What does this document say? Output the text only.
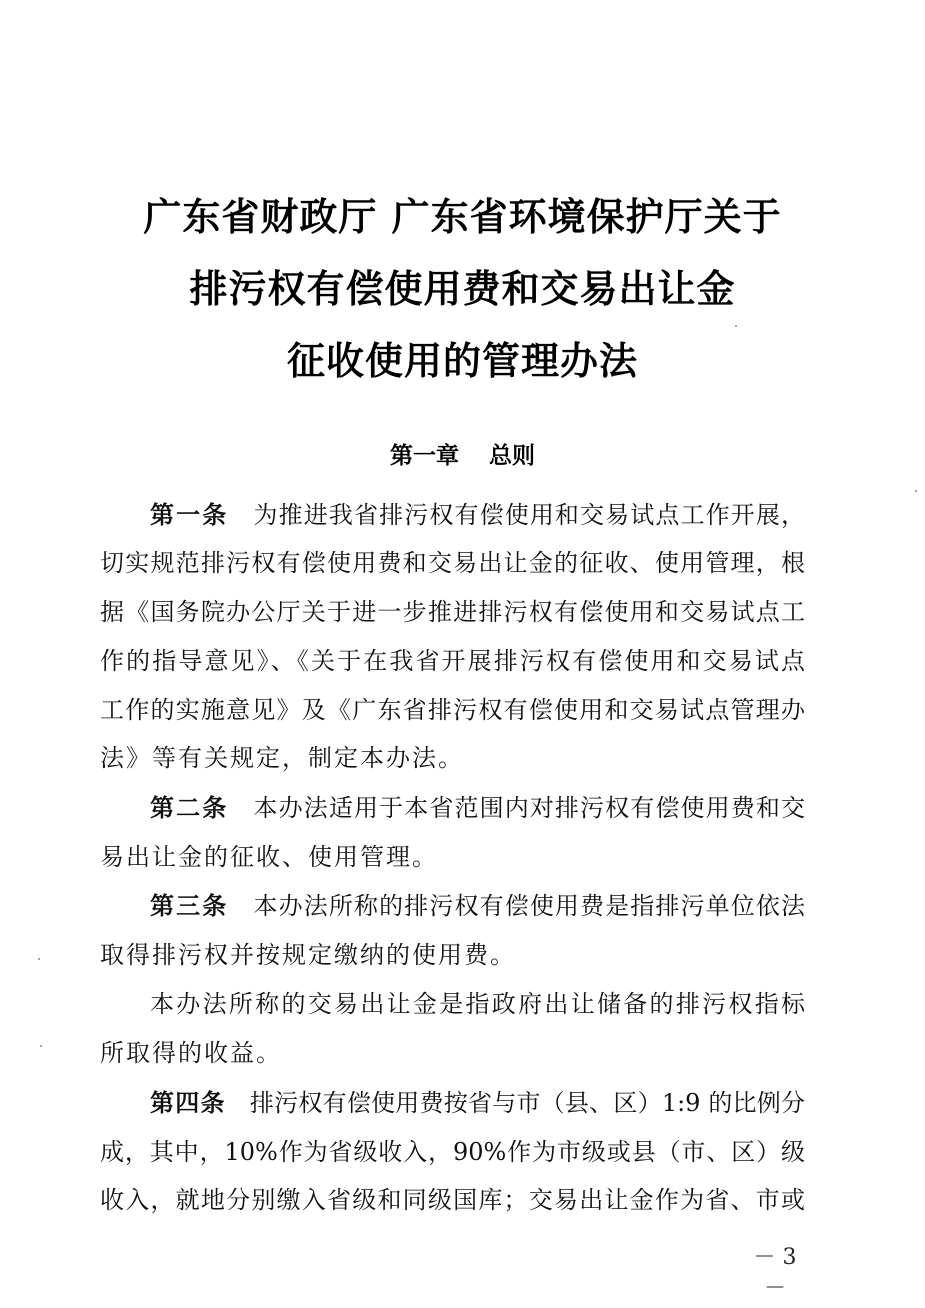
广东省财政厅 广东省环境保护厅关于
排污权有偿使用费和交易出让金
征收使用的管理办法
第一章 总则
第一条  为推进我省排污权有偿使用和交易试点工作开展，
切实规范排污权有偿使用费和交易出让金的征收、使用管理，根
据《国务院办公厅关于进一步推进排污权有偿使用和交易试点工
作的指导意见》、《关于在我省开展排污权有偿使用和交易试点
工作的实施意见》及《广东省排污权有偿使用和交易试点管理办
法》等有关规定，制定本办法。
第二条  本办法适用于本省范围内对排污权有偿使用费和交
易出让金的征收、使用管理。
第三条  本办法所称的排污权有偿使用费是指排污单位依法
取得排污权并按规定缴纳的使用费。
本办法所称的交易出让金是指政府出让储备的排污权指标
所取得的收益。
第四条  排污权有偿使用费按省与市（县、区）1:9 的比例分
成，其中，10%作为省级收入，90%作为市级或县（市、区）级
收入，就地分别缴入省级和同级国库；交易出让金作为省、市或
－ 3 －
